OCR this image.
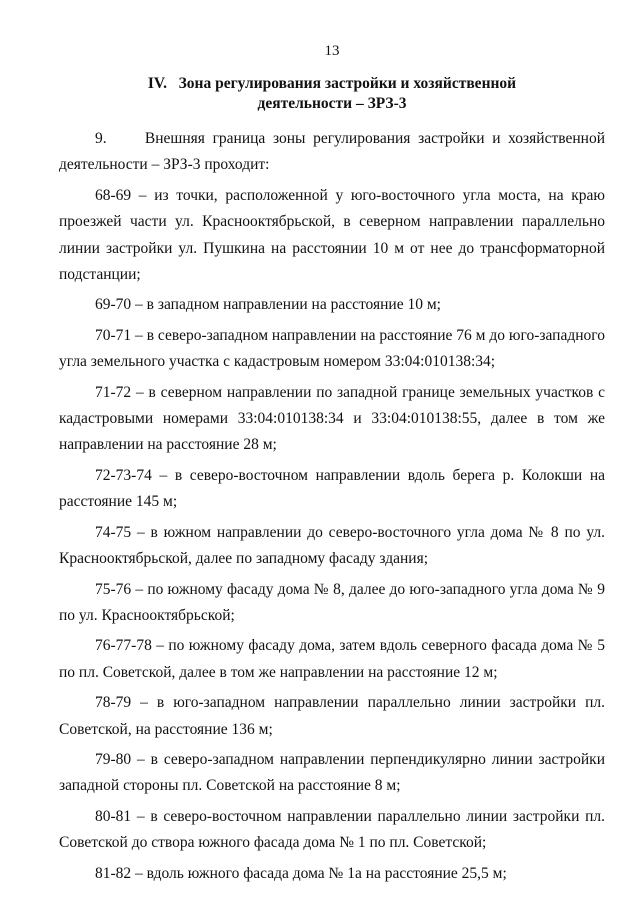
13
IV.   Зона регулирования застройки и хозяйственной
деятельности – ЗРЗ-3

9.     Внешняя граница зоны регулирования застройки и хозяйственной деятельности – ЗРЗ-3 проходит:

68-69 – из точки, расположенной у юго-восточного угла моста, на краю проезжей части ул. Краснооктябрьской, в северном направлении параллельно линии застройки ул. Пушкина на расстоянии 10 м от нее до трансформаторной подстанции;

69-70 – в западном направлении на расстояние 10 м;

70-71 – в северо-западном направлении на расстояние 76 м до юго-западного угла земельного участка с кадастровым номером 33:04:010138:34;

71-72 – в северном направлении по западной границе земельных участков с кадастровыми номерами 33:04:010138:34 и 33:04:010138:55, далее в том же направлении на расстояние 28 м;

72-73-74 – в северо-восточном направлении вдоль берега р. Колокши на расстояние 145 м;

74-75 – в южном направлении до северо-восточного угла дома № 8 по ул. Краснооктябрьской, далее по западному фасаду здания;

75-76 – по южному фасаду дома № 8, далее до юго-западного угла дома № 9 по ул. Краснооктябрьской;

76-77-78 – по южному фасаду дома, затем вдоль северного фасада дома № 5 по пл. Советской, далее в том же направлении на расстояние 12 м;

78-79 – в юго-западном направлении параллельно линии застройки пл. Советской, на расстояние 136 м;

79-80 – в северо-западном направлении перпендикулярно линии застройки западной стороны пл. Советской на расстояние 8 м;

80-81 – в северо-восточном направлении параллельно линии застройки пл. Советской до створа южного фасада дома № 1 по пл. Советской;

81-82 – вдоль южного фасада дома № 1а на расстояние 25,5 м;
